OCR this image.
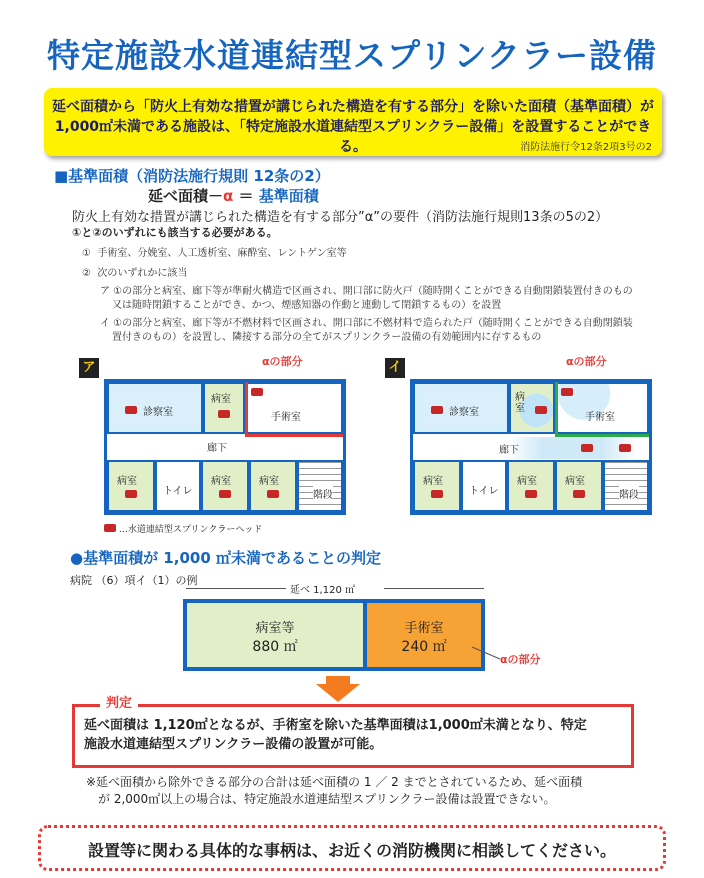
特定施設水道連結型スプリンクラー設備
延べ面積から「防火上有効な措置が講じられた構造を有する部分」を除いた面積（基準面積）が
1,000㎡未満である施設は、「特定施設水道連結型スプリンクラー設備」を設置することができる。	消防法施行令12条2項3号の2
■基準面積（消防法施行規則 12条の2）
延べ面積－α ＝ 基準面積
防火上有効な措置が講じられた構造を有する部分”α”の要件（消防法施行規則13条の5の2）
①と②のいずれにも該当する必要がある。
① 手術室、分娩室、人工透析室、麻酔室、レントゲン室等
② 次のいずれかに該当
ア ①の部分と病室、廊下等が準耐火構造で区画され、開口部に防火戸（随時開くことができる自動閉鎖装置付きのもの
又は随時閉鎖することができ、かつ、煙感知器の作動と連動して閉鎖するもの）を設置
イ ①の部分と病室、廊下等が不燃材料で区画され、開口部に不燃材料で造られた戸（随時開くことができる自動閉鎖装
置付きのもの）を設置し、隣接する部分の全てがスプリンクラー設備の有効範囲内に存するもの
ア	αの部分
診察室
病室
手術室
廊下
病室
トイレ
病室	病室
階段
イ	αの部分
診察室
病
室
手術室
廊下
病室
トイレ
病室	病室
階段
…水道連結型スプリンクラーヘッド
●基準面積が 1,000 ㎡未満であることの判定
病院 （6）項イ（1）の例
延べ 1,120 ㎡
病室等
880 ㎡
手術室
240 ㎡
αの部分
判定
延べ面積は 1,120㎡となるが、手術室を除いた基準面積は1,000㎡未満となり、特定
施設水道連結型スプリンクラー設備の設置が可能。
※延べ面積から除外できる部分の合計は延べ面積の 1 ／ 2 までとされているため、延べ面積
が 2,000㎡以上の場合は、特定施設水道連結型スプリンクラー設備は設置できない。
設置等に関わる具体的な事柄は、お近くの消防機関に相談してください。
